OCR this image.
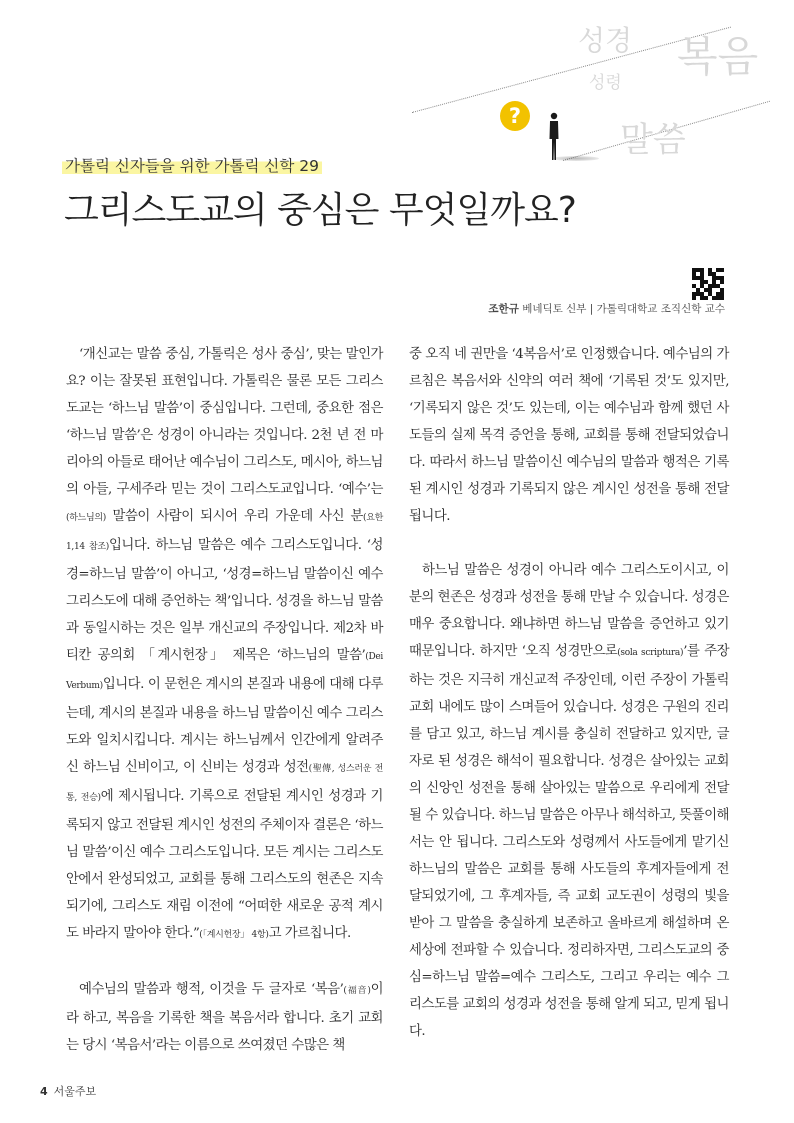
성경 복음
성령
말씀
?
가톨릭 신자들을 위한 가톨릭 신학 29
그리스도교의 중심은 무엇일까요?
조한규 베네딕토 신부 | 가톨릭대학교 조직신학 교수

‘개신교는 말씀 중심, 가톨릭은 성사 중심’, 맞는 말인가요? 이는 잘못된 표현입니다. 가톨릭은 물론 모든 그리스도교는 ‘하느님 말씀’이 중심입니다. 그런데, 중요한 점은 ‘하느님 말씀’은 성경이 아니라는 것입니다. 2천 년 전 마리아의 아들로 태어난 예수님이 그리스도, 메시아, 하느님의 아들, 구세주라 믿는 것이 그리스도교입니다. ‘예수’는 (하느님의) 말씀이 사람이 되시어 우리 가운데 사신 분(요한 1,14 참조)입니다. 하느님 말씀은 예수 그리스도입니다. ‘성경=하느님 말씀’이 아니고, ‘성경=하느님 말씀이신 예수 그리스도에 대해 증언하는 책’입니다. 성경을 하느님 말씀과 동일시하는 것은 일부 개신교의 주장입니다. 제2차 바티칸 공의회 「계시헌장」 제목은 ‘하느님의 말씀’(Dei Verbum)입니다. 이 문헌은 계시의 본질과 내용에 대해 다루는데, 계시의 본질과 내용을 하느님 말씀이신 예수 그리스도와 일치시킵니다. 계시는 하느님께서 인간에게 알려주신 하느님 신비이고, 이 신비는 성경과 성전(聖傳, 성스러운 전통, 전승)에 제시됩니다. 기록으로 전달된 계시인 성경과 기록되지 않고 전달된 계시인 성전의 주체이자 결론은 ‘하느님 말씀’이신 예수 그리스도입니다. 모든 계시는 그리스도 안에서 완성되었고, 교회를 통해 그리스도의 현존은 지속되기에, 그리스도 재림 이전에 “어떠한 새로운 공적 계시도 바라지 말아야 한다.”(「계시헌장」 4항)고 가르칩니다.

예수님의 말씀과 행적, 이것을 두 글자로 ‘복음’(福音)이라 하고, 복음을 기록한 책을 복음서라 합니다. 초기 교회는 당시 ‘복음서’라는 이름으로 쓰여졌던 수많은 책

중 오직 네 권만을 ‘4복음서’로 인정했습니다. 예수님의 가르침은 복음서와 신약의 여러 책에 ‘기록된 것’도 있지만, ‘기록되지 않은 것’도 있는데, 이는 예수님과 함께 했던 사도들의 실제 목격 증언을 통해, 교회를 통해 전달되었습니다. 따라서 하느님 말씀이신 예수님의 말씀과 행적은 기록된 계시인 성경과 기록되지 않은 계시인 성전을 통해 전달됩니다.

하느님 말씀은 성경이 아니라 예수 그리스도이시고, 이분의 현존은 성경과 성전을 통해 만날 수 있습니다. 성경은 매우 중요합니다. 왜냐하면 하느님 말씀을 증언하고 있기 때문입니다. 하지만 ‘오직 성경만으로(sola scriptura)’를 주장하는 것은 지극히 개신교적 주장인데, 이런 주장이 가톨릭교회 내에도 많이 스며들어 있습니다. 성경은 구원의 진리를 담고 있고, 하느님 계시를 충실히 전달하고 있지만, 글자로 된 성경은 해석이 필요합니다. 성경은 살아있는 교회의 신앙인 성전을 통해 살아있는 말씀으로 우리에게 전달될 수 있습니다. 하느님 말씀은 아무나 해석하고, 뜻풀이해서는 안 됩니다. 그리스도와 성령께서 사도들에게 맡기신 하느님의 말씀은 교회를 통해 사도들의 후계자들에게 전달되었기에, 그 후계자들, 즉 교회 교도권이 성령의 빛을 받아 그 말씀을 충실하게 보존하고 올바르게 해설하며 온 세상에 전파할 수 있습니다. 정리하자면, 그리스도교의 중심=하느님 말씀=예수 그리스도, 그리고 우리는 예수 그리스도를 교회의 성경과 성전을 통해 알게 되고, 믿게 됩니다.

4 서울주보
